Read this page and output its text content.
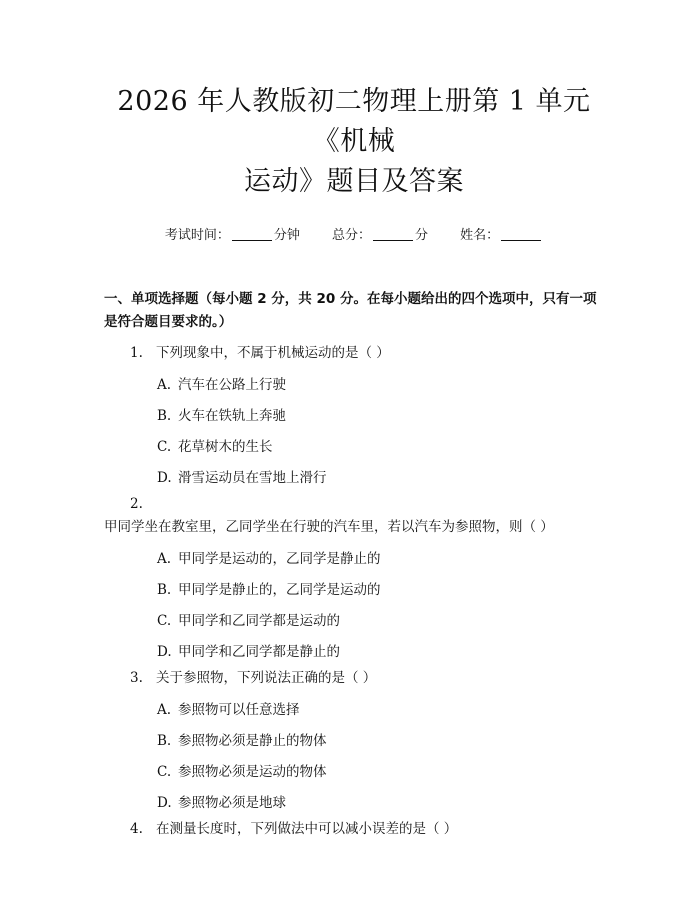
2026 年人教版初二物理上册第 1 单元《机械
运动》题目及答案
考试时间：	分钟 总分：	分 姓名：
一、单项选择题（每小题 2 分，共 20 分。在每小题给出的四个选项中，只有一项是符合题目要求的。）
1. 下列现象中，不属于机械运动的是（ ）
A. 汽车在公路上行驶
B. 火车在铁轨上奔驰
C. 花草树木的生长
D. 滑雪运动员在雪地上滑行
2.甲同学坐在教室里，乙同学坐在行驶的汽车里，若以汽车为参照物，则（ ）
A. 甲同学是运动的，乙同学是静止的
B. 甲同学是静止的，乙同学是运动的
C. 甲同学和乙同学都是运动的
D. 甲同学和乙同学都是静止的
3. 关于参照物，下列说法正确的是（ ）
A. 参照物可以任意选择
B. 参照物必须是静止的物体
C. 参照物必须是运动的物体
D. 参照物必须是地球
4. 在测量长度时，下列做法中可以减小误差的是（ ）
